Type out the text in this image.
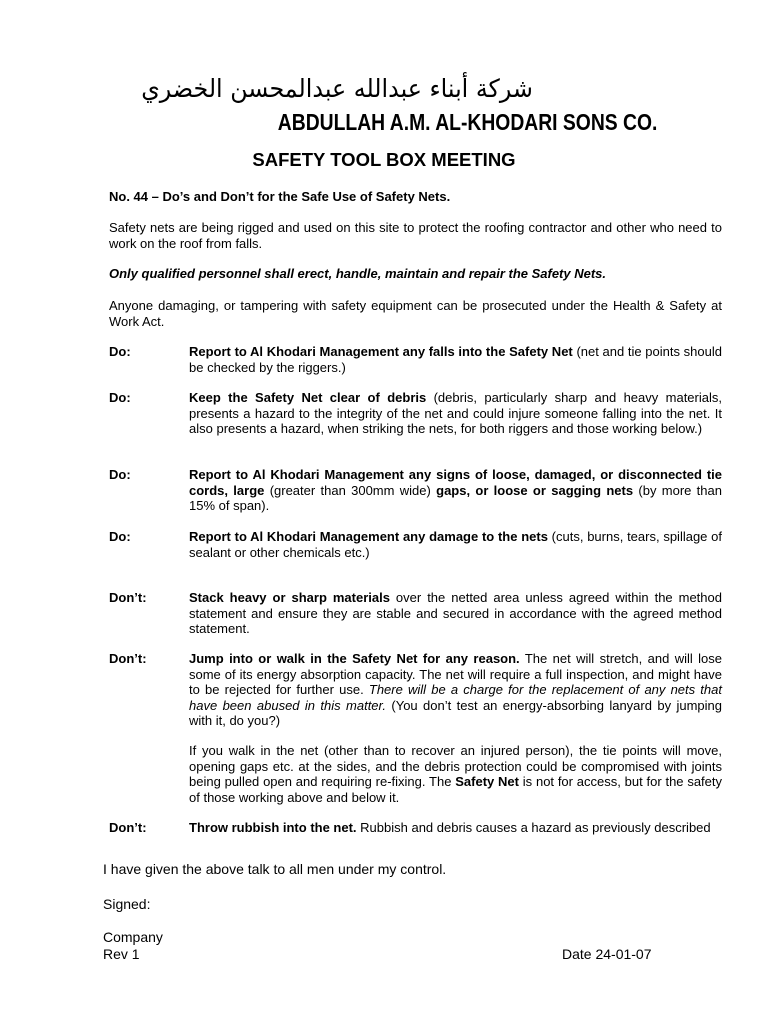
شركة أبناء عبدالله عبدالمحسن الخضري
ABDULLAH A.M. AL-KHODARI SONS CO.
SAFETY TOOL BOX MEETING
No. 44 – Do’s and Don’t for the Safe Use of Safety Nets.
Safety nets are being rigged and used on this site to protect the roofing contractor and other who need to work on the roof from falls.
Only qualified personnel shall erect, handle, maintain and repair the Safety Nets.
Anyone damaging, or tampering with safety equipment can be prosecuted under the Health & Safety at Work Act.
Do:	Report to Al Khodari Management any falls into the Safety Net (net and tie points should be checked by the riggers.)
Do:	Keep the Safety Net clear of debris (debris, particularly sharp and heavy materials, presents a hazard to the integrity of the net and could injure someone falling into the net. It also presents a hazard, when striking the nets, for both riggers and those working below.)
Do:	Report to Al Khodari Management any signs of loose, damaged, or disconnected tie cords, large (greater than 300mm wide) gaps, or loose or sagging nets (by more than 15% of span).
Do:	Report to Al Khodari Management any damage to the nets (cuts, burns, tears, spillage of sealant or other chemicals etc.)
Don’t:	Stack heavy or sharp materials over the netted area unless agreed within the method statement and ensure they are stable and secured in accordance with the agreed method statement.
Don’t:	Jump into or walk in the Safety Net for any reason. The net will stretch, and will lose some of its energy absorption capacity. The net will require a full inspection, and might have to be rejected for further use. There will be a charge for the replacement of any nets that have been abused in this matter. (You don’t test an energy-absorbing lanyard by jumping with it, do you?)
If you walk in the net (other than to recover an injured person), the tie points will move, opening gaps etc. at the sides, and the debris protection could be compromised with joints being pulled open and requiring re-fixing. The Safety Net is not for access, but for the safety of those working above and below it.
Don’t:	Throw rubbish into the net. Rubbish and debris causes a hazard as previously described
I have given the above talk to all men under my control.
Signed:
Company
Rev 1	Date 24-01-07
